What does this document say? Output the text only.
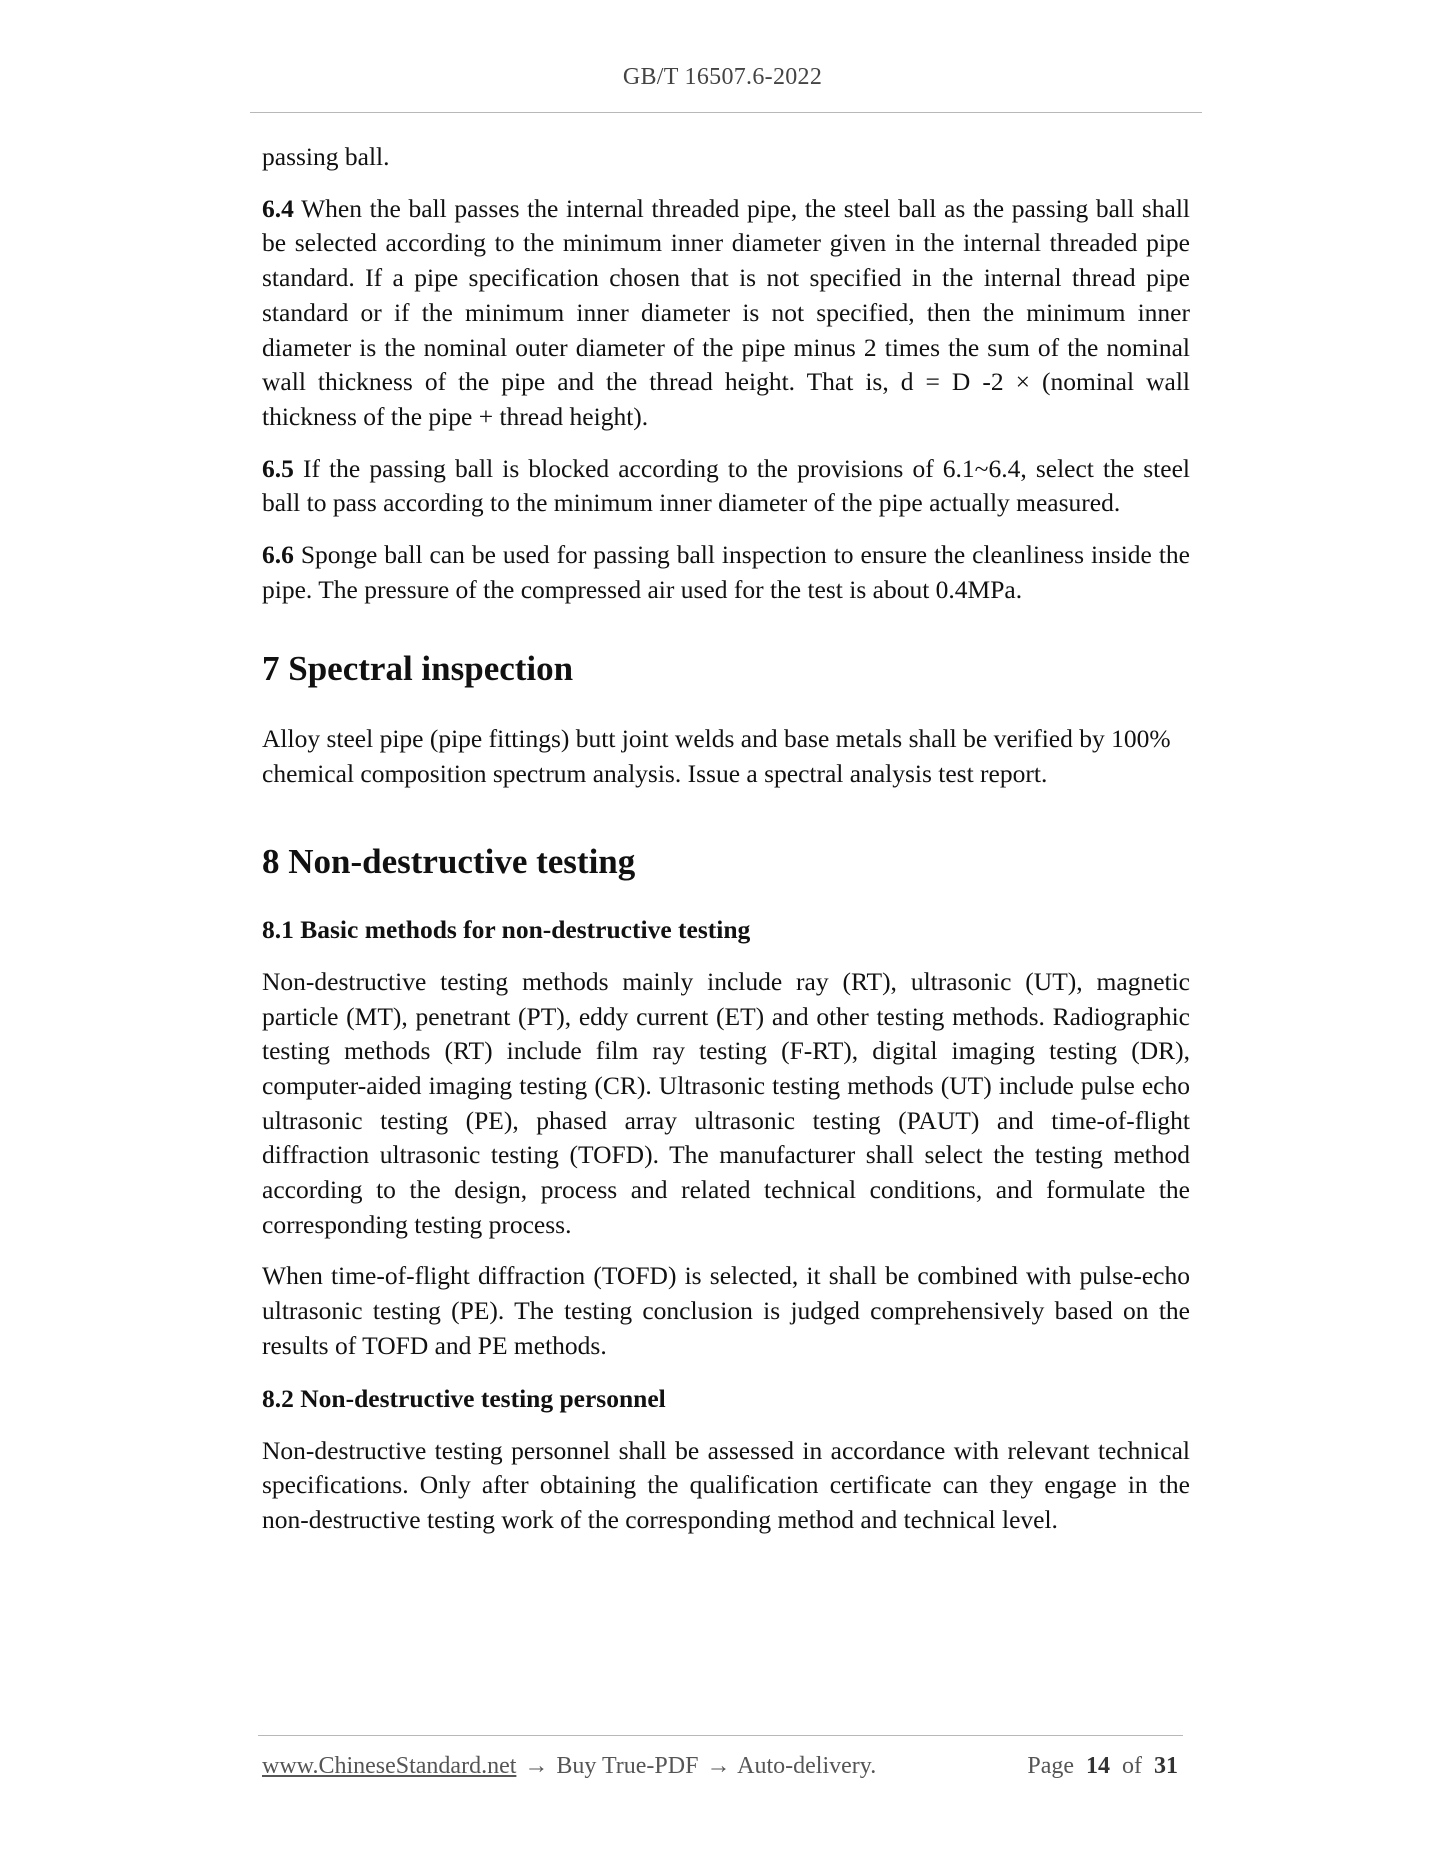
GB/T 16507.6-2022

passing ball.

6.4 When the ball passes the internal threaded pipe, the steel ball as the passing ball shall be selected according to the minimum inner diameter given in the internal threaded pipe standard. If a pipe specification chosen that is not specified in the internal thread pipe standard or if the minimum inner diameter is not specified, then the minimum inner diameter is the nominal outer diameter of the pipe minus 2 times the sum of the nominal wall thickness of the pipe and the thread height. That is, d = D -2 × (nominal wall thickness of the pipe + thread height).

6.5 If the passing ball is blocked according to the provisions of 6.1~6.4, select the steel ball to pass according to the minimum inner diameter of the pipe actually measured.

6.6 Sponge ball can be used for passing ball inspection to ensure the cleanliness inside the pipe. The pressure of the compressed air used for the test is about 0.4MPa.

7 Spectral inspection
Alloy steel pipe (pipe fittings) butt joint welds and base metals shall be verified by 100%
chemical composition spectrum analysis. Issue a spectral analysis test report.
8 Non-destructive testing
8.1 Basic methods for non-destructive testing

Non-destructive testing methods mainly include ray (RT), ultrasonic (UT), magnetic particle (MT), penetrant (PT), eddy current (ET) and other testing methods. Radiographic testing methods (RT) include film ray testing (F-RT), digital imaging testing (DR), computer-aided imaging testing (CR). Ultrasonic testing methods (UT) include pulse echo ultrasonic testing (PE), phased array ultrasonic testing (PAUT) and time-of-flight diffraction ultrasonic testing (TOFD). The manufacturer shall select the testing method according to the design, process and related technical conditions, and formulate the corresponding testing process.

When time-of-flight diffraction (TOFD) is selected, it shall be combined with pulse-echo ultrasonic testing (PE). The testing conclusion is judged comprehensively based on the results of TOFD and PE methods.

8.2 Non-destructive testing personnel

Non-destructive testing personnel shall be assessed in accordance with relevant technical specifications. Only after obtaining the qualification certificate can they engage in the non-destructive testing work of the corresponding method and technical level.

www.ChineseStandard.net → Buy True-PDF → Auto-delivery.	Page 14 of 31
